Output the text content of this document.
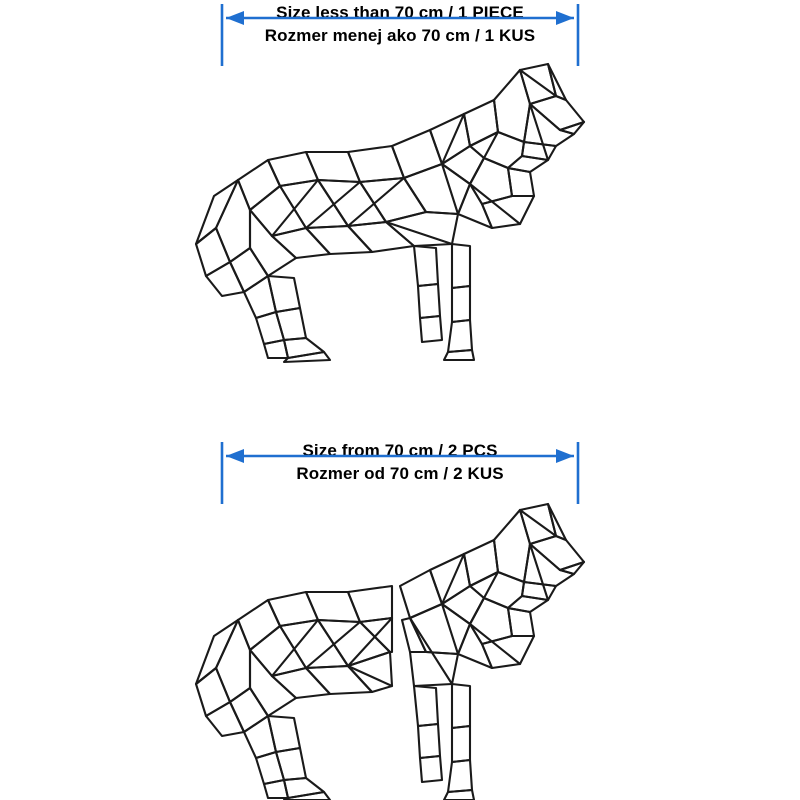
Size less than 70 cm / 1 PIECE
Rozmer menej ako 70 cm / 1 KUS
Size from 70 cm / 2 PCS
Rozmer od 70 cm / 2 KUS
